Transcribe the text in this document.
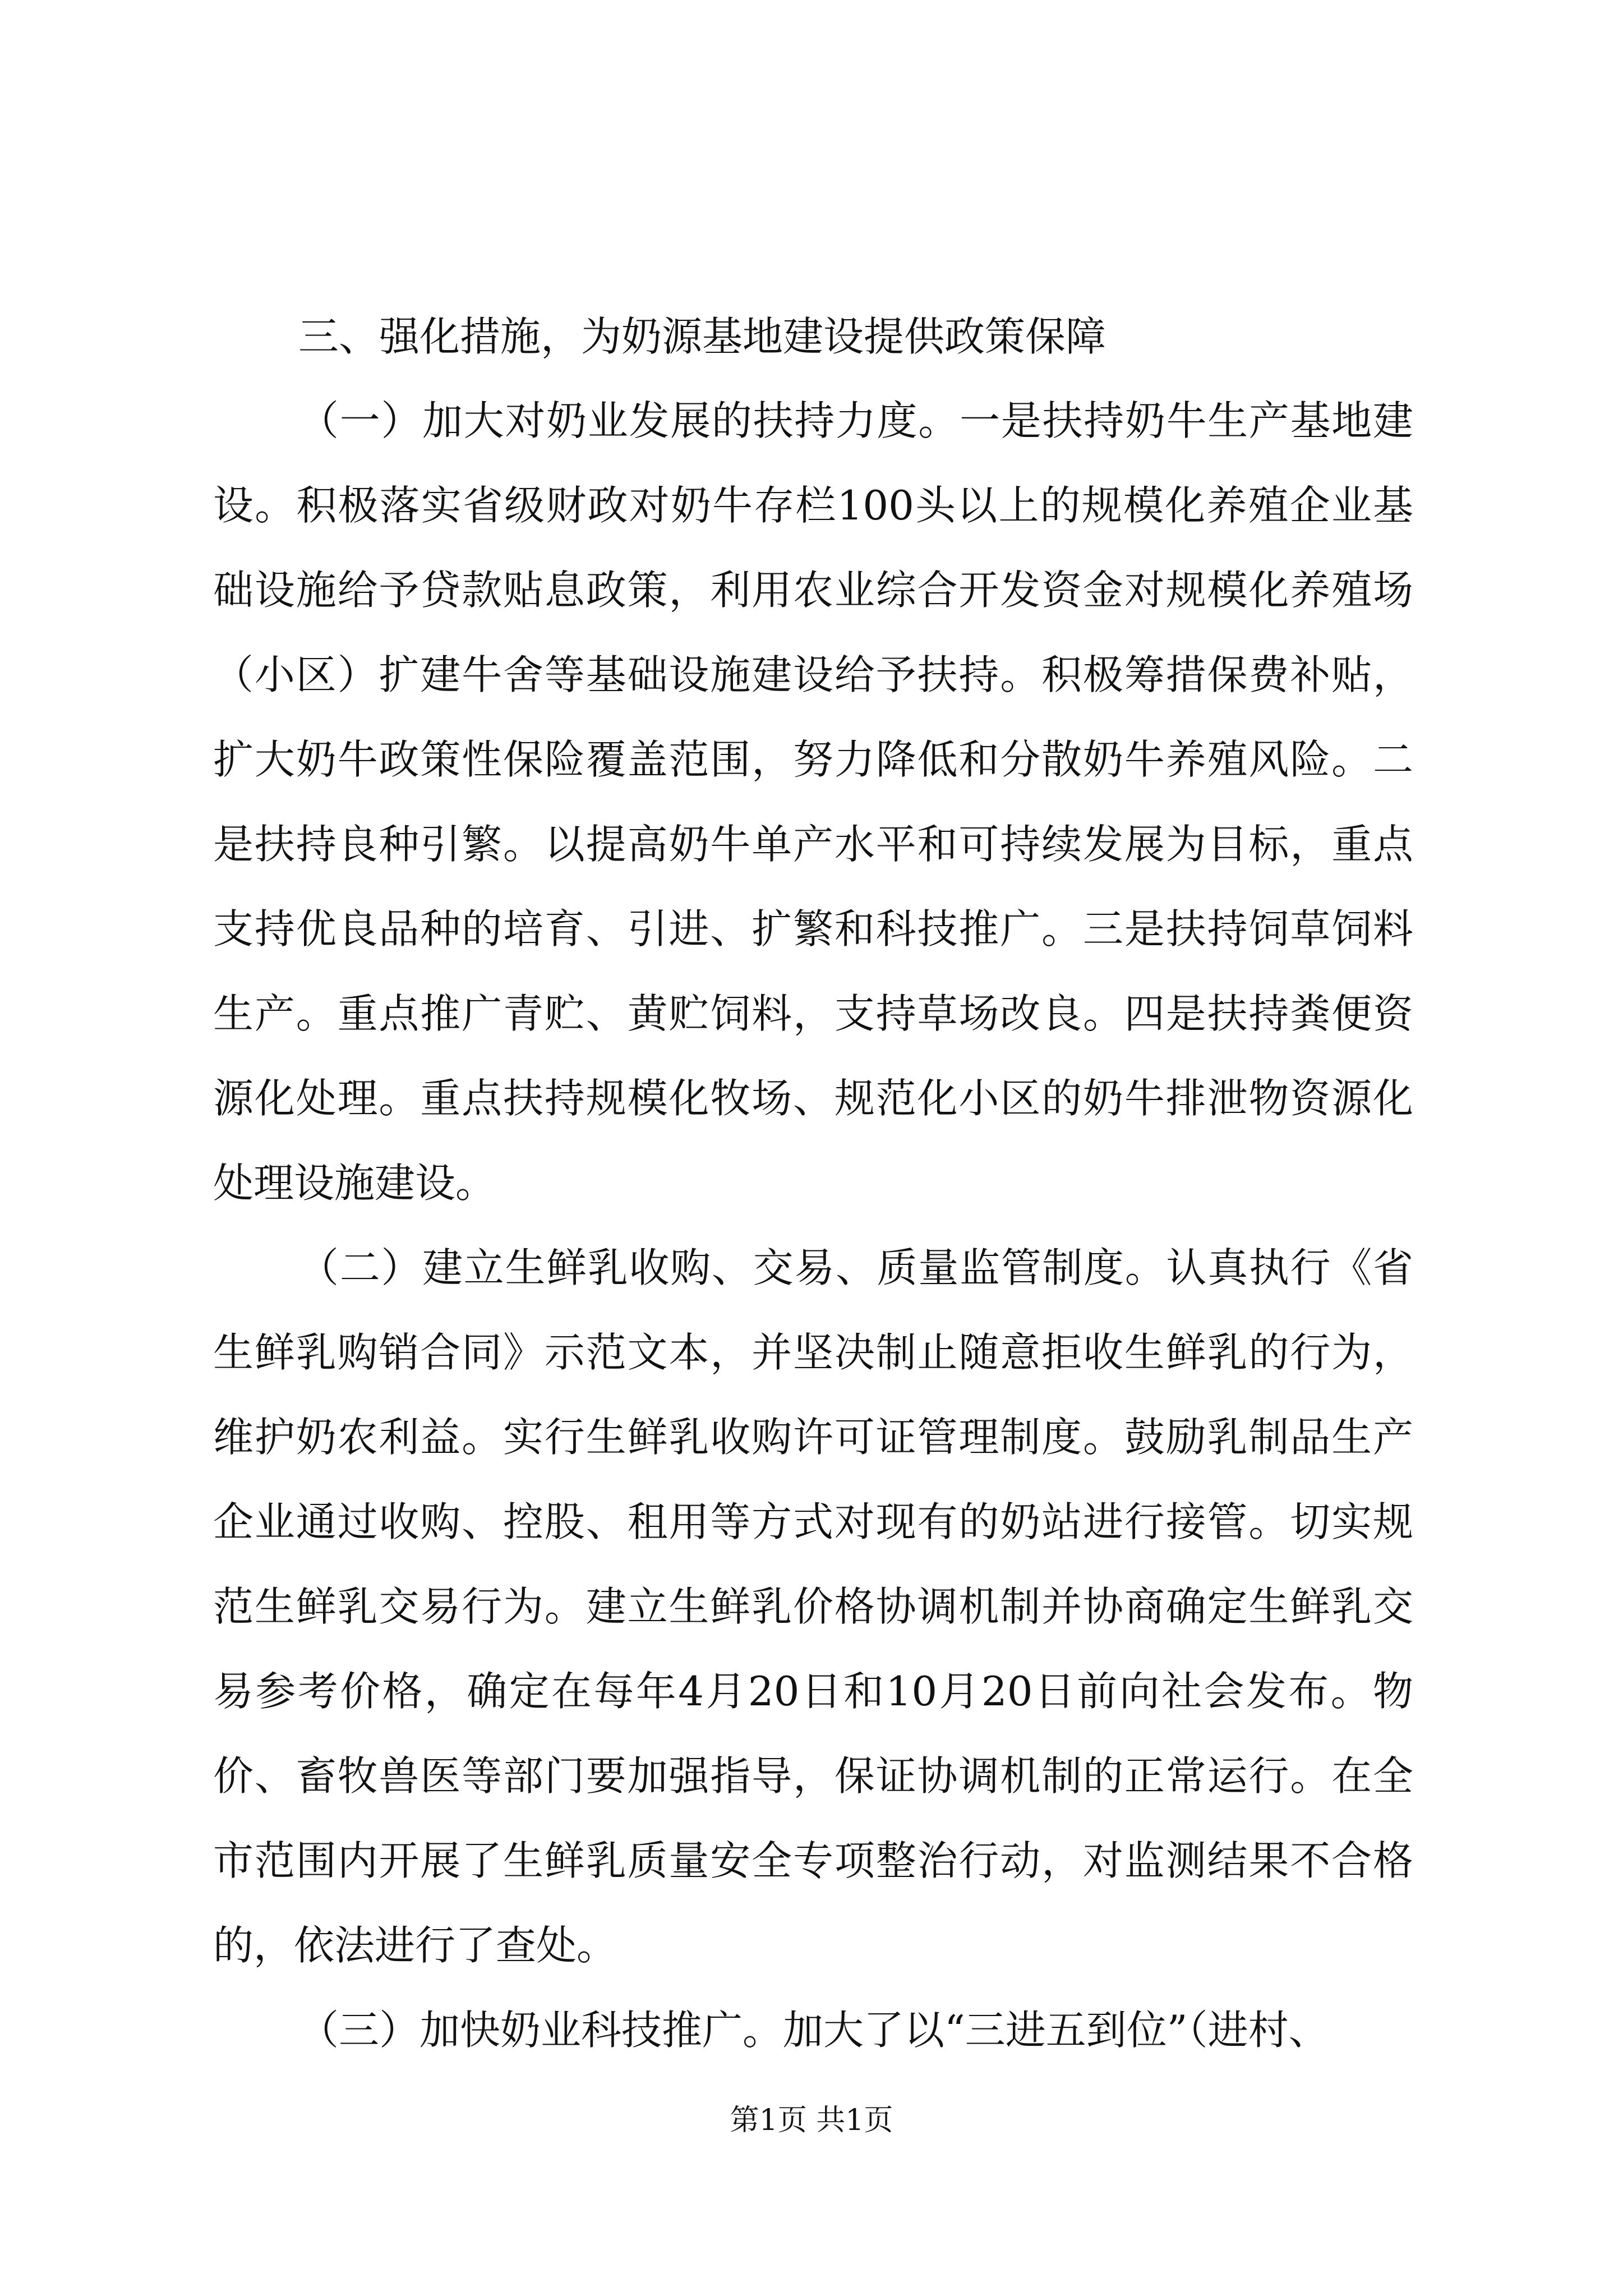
三、强化措施，为奶源基地建设提供政策保障

（一）加大对奶业发展的扶持力度。一是扶持奶牛生产基地建设。积极落实省级财政对奶牛存栏100头以上的规模化养殖企业基础设施给予贷款贴息政策，利用农业综合开发资金对规模化养殖场（小区）扩建牛舍等基础设施建设给予扶持。积极筹措保费补贴，扩大奶牛政策性保险覆盖范围，努力降低和分散奶牛养殖风险。二是扶持良种引繁。以提高奶牛单产水平和可持续发展为目标，重点支持优良品种的培育、引进、扩繁和科技推广。三是扶持饲草饲料生产。重点推广青贮、黄贮饲料，支持草场改良。四是扶持粪便资源化处理。重点扶持规模化牧场、规范化小区的奶牛排泄物资源化处理设施建设。

（二）建立生鲜乳收购、交易、质量监管制度。认真执行《省生鲜乳购销合同》示范文本，并坚决制止随意拒收生鲜乳的行为，维护奶农利益。实行生鲜乳收购许可证管理制度。鼓励乳制品生产企业通过收购、控股、租用等方式对现有的奶站进行接管。切实规范生鲜乳交易行为。建立生鲜乳价格协调机制并协商确定生鲜乳交易参考价格，确定在每年4月20日和10月20日前向社会发布。物价、畜牧兽医等部门要加强指导，保证协调机制的正常运行。在全市范围内开展了生鲜乳质量安全专项整治行动，对监测结果不合格的，依法进行了查处。

（三）加快奶业科技推广。加大了以“三进五到位”（进村、

第1页 共1页
